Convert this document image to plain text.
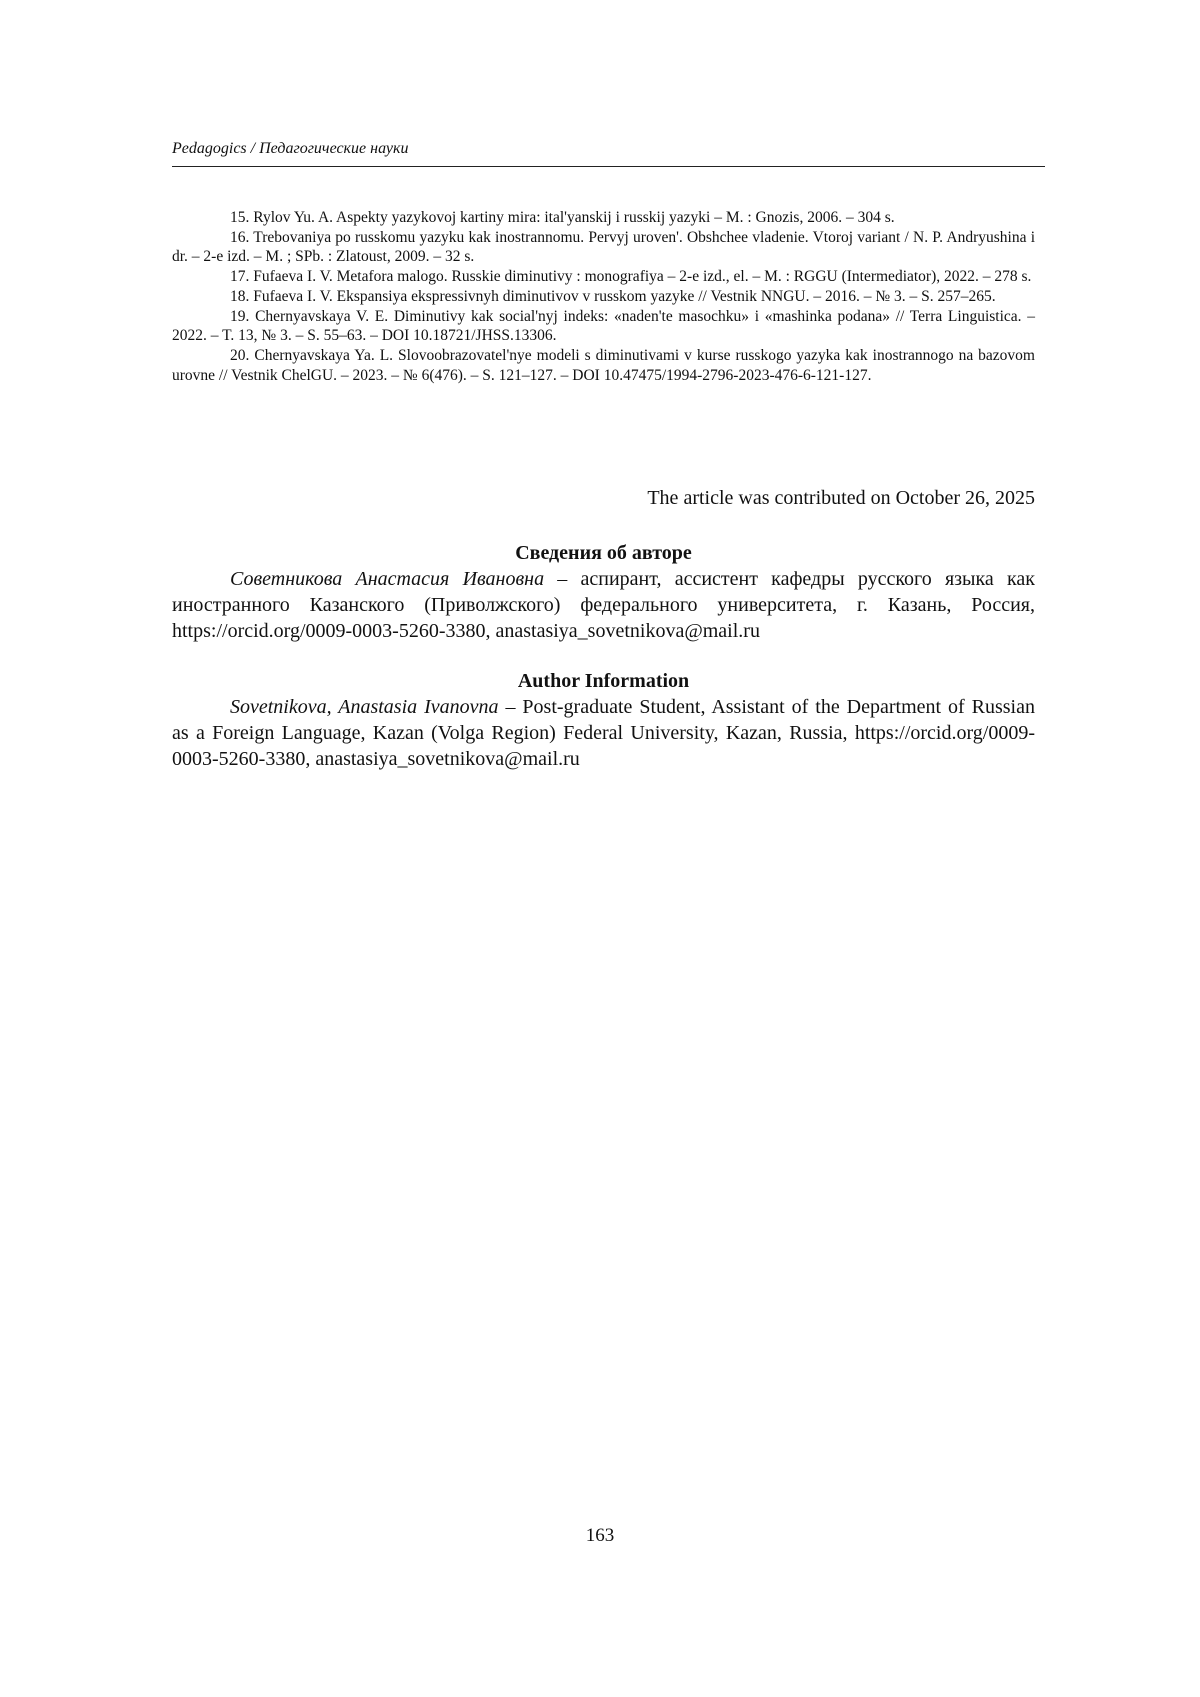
Pedagogics / Педагогические науки

15. Rylov Yu. A. Aspekty yazykovoj kartiny mira: ital'yanskij i russkij yazyki – M. : Gnozis, 2006. – 304 s.

16. Trebovaniya po russkomu yazyku kak inostrannomu. Pervyj uroven'. Obshchee vladenie. Vtoroj variant / N. P. Andryushina i dr. – 2-e izd. – M. ; SPb. : Zlatoust, 2009. – 32 s.

17. Fufaeva I. V. Metafora malogo. Russkie diminutivy : monografiya – 2-e izd., el. – M. : RGGU (Intermediator), 2022. – 278 s.

18. Fufaeva I. V. Ekspansiya ekspressivnyh diminutivov v russkom yazyke // Vestnik NNGU. – 2016. – № 3. – S. 257–265.

19. Chernyavskaya V. E. Diminutivy kak social'nyj indeks: «naden'te masochku» i «mashinka podana» // Terra Linguistica. – 2022. – T. 13, № 3. – S. 55–63. – DOI 10.18721/JHSS.13306.

20. Chernyavskaya Ya. L. Slovoobrazovatel'nye modeli s diminutivami v kurse russkogo yazyka kak inostrannogo na bazovom urovne // Vestnik ChelGU. – 2023. – № 6(476). – S. 121–127. – DOI 10.47475/1994-2796-2023-476-6-121-127.

The article was contributed on October 26, 2025
Сведения об авторе

Советникова Анастасия Ивановна – аспирант, ассистент кафедры русского языка как иностранного Казанского (Приволжского) федерального университета, г. Казань, Россия, https://orcid.org/0009-0003-5260-3380, anastasiya_sovetnikova@mail.ru

Author Information

Sovetnikova, Anastasia Ivanovna – Post-graduate Student, Assistant of the Department of Russian as a Foreign Language, Kazan (Volga Region) Federal University, Kazan, Russia, https://orcid.org/0009-0003-5260-3380, anastasiya_sovetnikova@mail.ru

163
